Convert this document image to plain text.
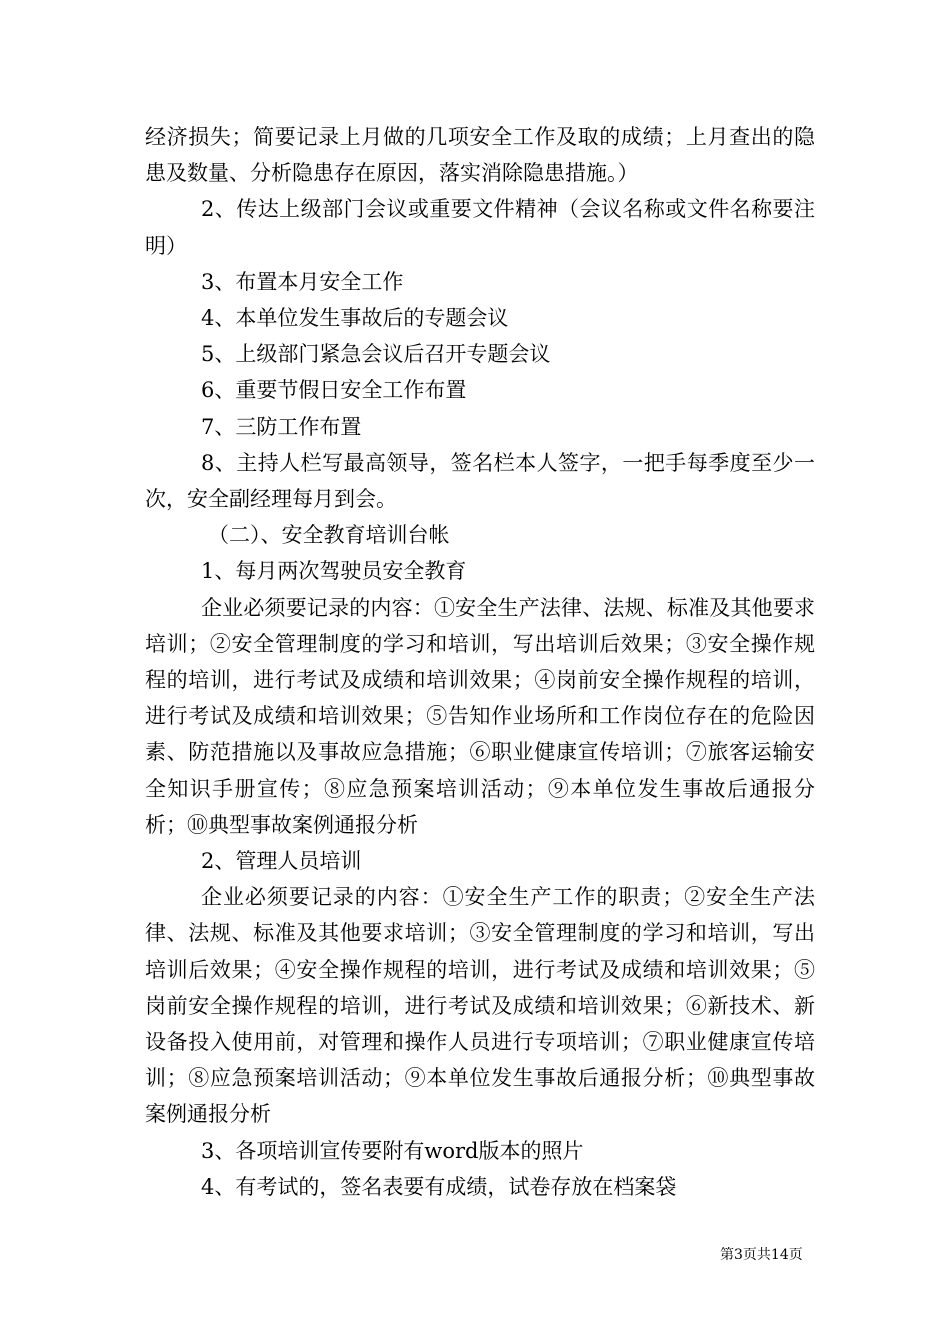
经济损失；简要记录上月做的几项安全工作及取的成绩；上月查出的隐患及数量、分析隐患存在原因，落实消除隐患措施。）

2、传达上级部门会议或重要文件精神（会议名称或文件名称要注明）

3、布置本月安全工作

4、本单位发生事故后的专题会议

5、上级部门紧急会议后召开专题会议

6、重要节假日安全工作布置

7、三防工作布置

8、主持人栏写最高领导，签名栏本人签字，一把手每季度至少一次，安全副经理每月到会。

（二）、安全教育培训台帐

1、每月两次驾驶员安全教育

企业必须要记录的内容：①安全生产法律、法规、标准及其他要求培训；②安全管理制度的学习和培训，写出培训后效果；③安全操作规程的培训，进行考试及成绩和培训效果；④岗前安全操作规程的培训，进行考试及成绩和培训效果；⑤告知作业场所和工作岗位存在的危险因素、防范措施以及事故应急措施；⑥职业健康宣传培训；⑦旅客运输安全知识手册宣传；⑧应急预案培训活动；⑨本单位发生事故后通报分析；⑩典型事故案例通报分析

2、管理人员培训

企业必须要记录的内容：①安全生产工作的职责；②安全生产法律、法规、标准及其他要求培训；③安全管理制度的学习和培训，写出培训后效果；④安全操作规程的培训，进行考试及成绩和培训效果；⑤岗前安全操作规程的培训，进行考试及成绩和培训效果；⑥新技术、新设备投入使用前，对管理和操作人员进行专项培训；⑦职业健康宣传培训；⑧应急预案培训活动；⑨本单位发生事故后通报分析；⑩典型事故案例通报分析

3、各项培训宣传要附有word版本的照片

4、有考试的，签名表要有成绩，试卷存放在档案袋

第3页共14页
